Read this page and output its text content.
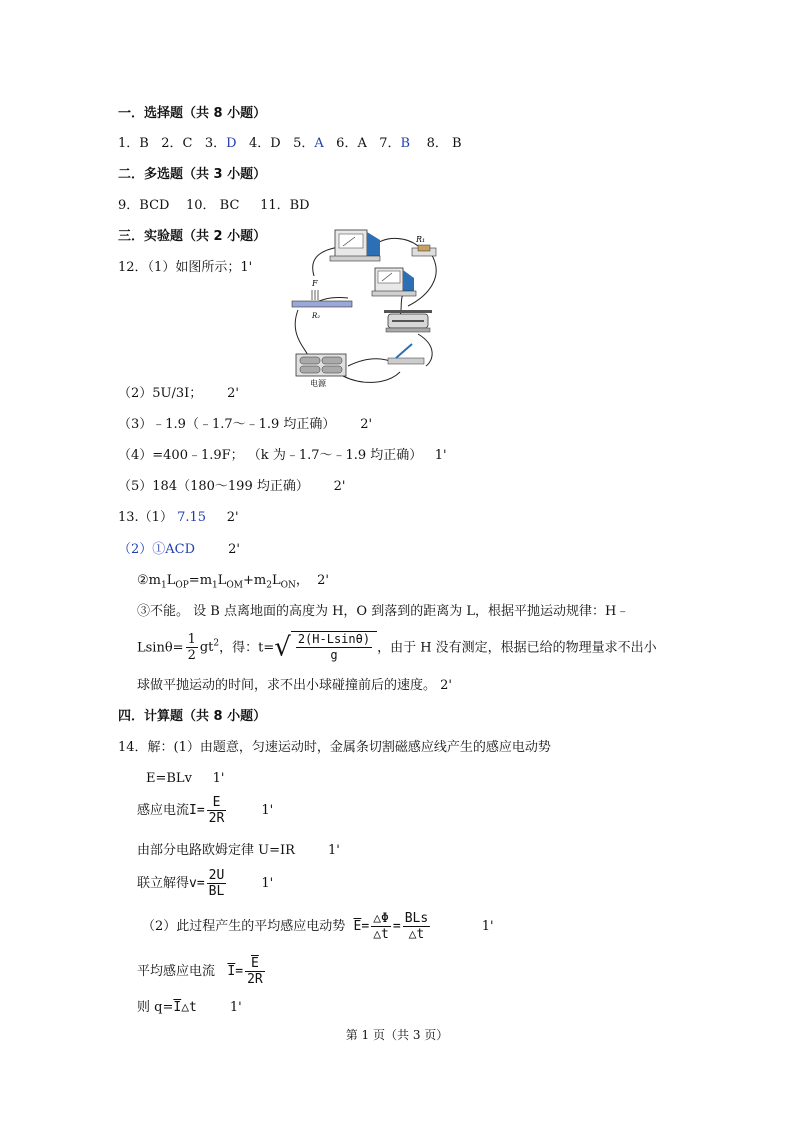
一．选择题（共 8 小题）
1．B 2．C 3．D 4．D 5．A 6．A 7．B 8． B
二．多选题（共 3 小题）
9．BCD 10． BC 11．BD
三．实验题（共 2 小题）
12．（1）如图所示；1'
R₁
F
R₂
电源
（2）5U/3I； 2'
（3）﹣1.9（﹣1.7～﹣1.9 均正确） 2'
（4）=400﹣1.9F； （k 为﹣1.7～﹣1.9 均正确） 1'
（5）184（180～199 均正确） 2'
13.（1） 7.15 2'
（2）①ACD	2'
$②m_1L_{OP}=m_1L_{OM}+m_2L_{ON}$， 2'
③不能。 设 B 点离地面的高度为 H，O 到落到的距离为 L，根据平抛运动规律：H﹣
$Lsin\theta= \frac{1}{2} gt^2$，得：$t=√ \frac{2(H-Lsin\theta)}{g}$ ，由于 H 没有测定，根据已给的物理量求不出小
球做平抛运动的时间，求不出小球碰撞前后的速度。 2'
四．计算题（共 8 小题）
14．解：(1）由题意，匀速运动时，金属条切割磁感应线产生的感应电动势
E=BLv 1'
感应电流$I= \frac{E}{2R}$	1'
由部分电路欧姆定律 U=IR	1'
联立解得$v= \frac{2U}{BL}$	1'
（2）此过程产生的平均感应电动势 $\overline{E}= \frac{\triangle\Phi}{\triangle t} = \frac{\text{BLs}}{\triangle t}$	1'
平均感应电流 $\overline{I}= \frac{\overline{E}}{2R}$
则 $q=\overline{I}\triangle t$	1'
第 1 页（共 3 页）
